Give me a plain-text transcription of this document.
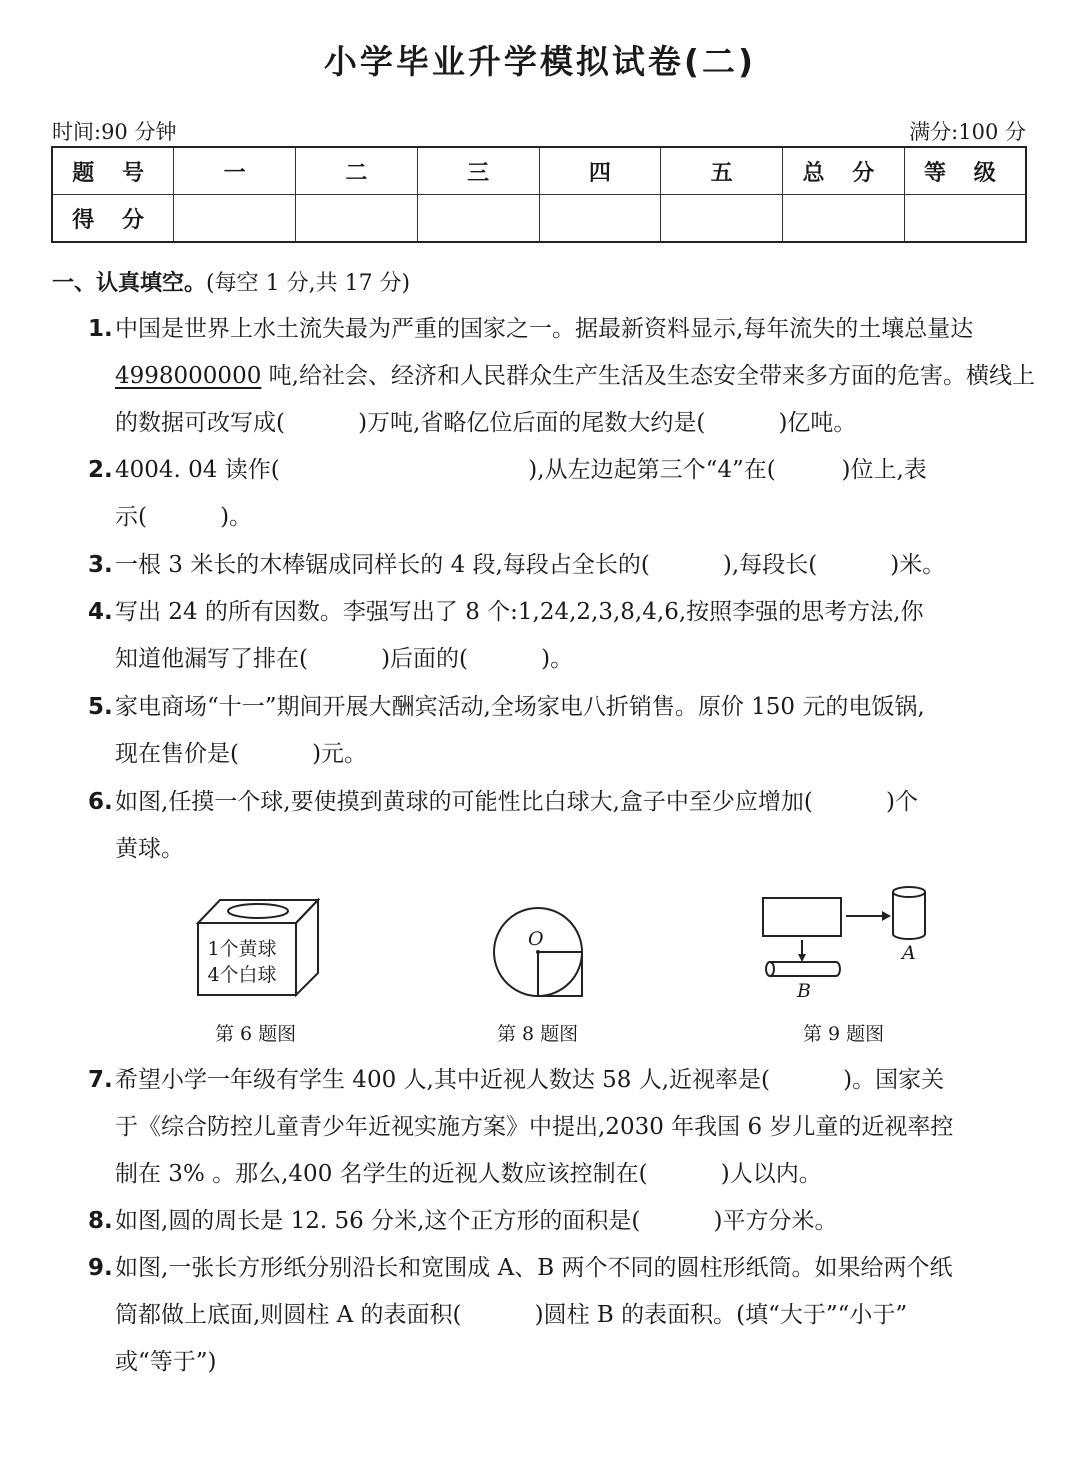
小学毕业升学模拟试卷(二)
时间:90 分钟	满分:100 分
题 号	一	二	三	四	五	总 分	等 级
得 分							
一、认真填空。(每空 1 分,共 17 分)
1. 中国是世界上水土流失最为严重的国家之一。据最新资料显示,每年流失的土壤总量达
4998000000 吨,给社会、经济和人民群众生产生活及生态安全带来多方面的危害。横线上
的数据可改写成(          )万吨,省略亿位后面的尾数大约是(          )亿吨。
2. 4004. 04 读作(                                  ),从左边起第三个“4”在(         )位上,表
示(          )。
3. 一根 3 米长的木棒锯成同样长的 4 段,每段占全长的(          ),每段长(          )米。
4. 写出 24 的所有因数。李强写出了 8 个:1,24,2,3,8,4,6,按照李强的思考方法,你
知道他漏写了排在(          )后面的(          )。
5. 家电商场“十一”期间开展大酬宾活动,全场家电八折销售。原价 150 元的电饭锅,
现在售价是(          )元。
6. 如图,任摸一个球,要使摸到黄球的可能性比白球大,盒子中至少应增加(          )个
黄球。
1个黄球
4个白球
第 6 题图
O
第 8 题图
A
B
第 9 题图
7. 希望小学一年级有学生 400 人,其中近视人数达 58 人,近视率是(          )。国家关
于《综合防控儿童青少年近视实施方案》中提出,2030 年我国 6 岁儿童的近视率控
制在 3% 。那么,400 名学生的近视人数应该控制在(          )人以内。
8. 如图,圆的周长是 12. 56 分米,这个正方形的面积是(          )平方分米。
9. 如图,一张长方形纸分别沿长和宽围成 A、B 两个不同的圆柱形纸筒。如果给两个纸
筒都做上底面,则圆柱 A 的表面积(          )圆柱 B 的表面积。(填“大于”“小于”
或“等于”)
